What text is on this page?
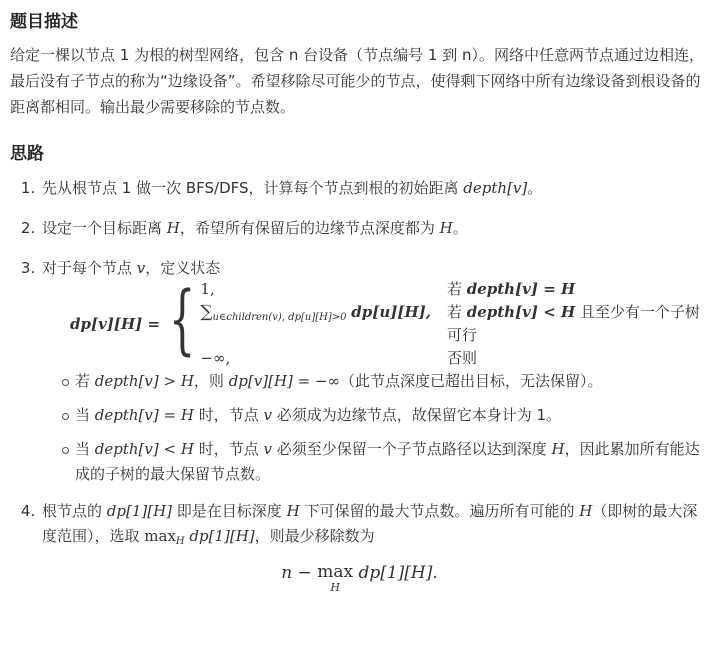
题目描述

给定一棵以节点 1 为根的树型网络，包含 n 台设备（节点编号 1 到 n）。网络中任意两节点通过边相连，最后没有子节点的称为“边缘设备”。希望移除尽可能少的节点，使得剩下网络中所有边缘设备到根设备的距离都相同。输出最少需要移除的节点数。

思路
1. 先从根节点 1 做一次 BFS/DFS，计算每个节点到根的初始距离 depth[v]。
2. 设定一个目标距离 H，希望所有保留后的边缘节点深度都为 H。
3. 对于每个节点 v，定义状态
dp[v][H] = { 1,	若 depth[v] = H
$\sum_{u\in children(v), dp[u][H]>0}$ dp[u][H], 若 depth[v] < H 且至少有一个子树可行
−∞,	否则
若 depth[v] > H，则 dp[v][H] = −∞（此节点深度已超出目标，无法保留）。
当 depth[v] = H 时，节点 v 必须成为边缘节点，故保留它本身计为 1。
当 depth[v] < H 时，节点 v 必须至少保留一个子节点路径以达到深度 H，因此累加所有能达成的子树的最大保留节点数。
4. 根节点的 dp[1][H] 即是在目标深度 H 下可保留的最大节点数。遍历所有可能的 H（即树的最大深度范围），选取 $\max_H dp[1][H]$，则最少移除数为
n − max
H
dp[1][H].
